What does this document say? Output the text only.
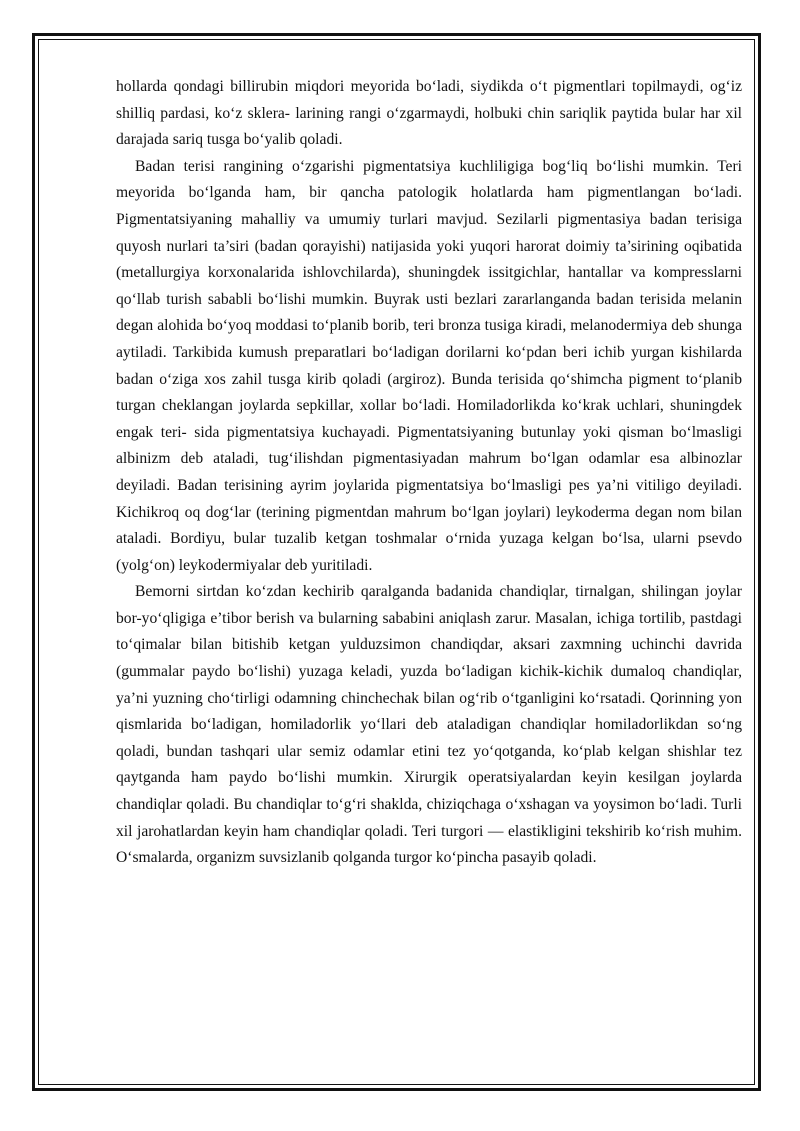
hollarda qondagi billirubin miqdori meyorida bo‘ladi, siydikda o‘t pigmentlari topilmaydi, og‘iz shilliq pardasi, ko‘z sklera- larining rangi o‘zgarmaydi, holbuki chin sariqlik paytida bular har xil darajada sariq tusga bo‘yalib qoladi.

Badan terisi rangining o‘zgarishi pigmentatsiya kuchliligiga bog‘liq bo‘lishi mumkin. Teri meyorida bo‘lganda ham, bir qancha patologik holatlarda ham pigmentlangan bo‘ladi. Pigmentatsiyaning mahalliy va umumiy turlari mavjud. Sezilarli pigmentasiya badan terisiga quyosh nurlari ta’siri (badan qorayishi) natijasida yoki yuqori harorat doimiy ta’sirining oqibatida (metallurgiya korxonalarida ishlovchilarda), shuningdek issitgichlar, hantallar va kompresslarni qo‘llab turish sababli bo‘lishi mumkin. Buyrak usti bezlari zararlanganda badan terisida melanin degan alohida bo‘yoq moddasi to‘planib borib, teri bronza tusiga kiradi, melanodermiya deb shunga aytiladi. Tarkibida kumush preparatlari bo‘ladigan dorilarni ko‘pdan beri ichib yurgan kishilarda badan o‘ziga xos zahil tusga kirib qoladi (argiroz). Bunda terisida qo‘shimcha pigment to‘planib turgan cheklangan joylarda sepkillar, xollar bo‘ladi. Homiladorlikda ko‘krak uchlari, shuningdek engak teri- sida pigmentatsiya kuchayadi. Pigmentatsiyaning butunlay yoki qisman bo‘lmasligi albinizm deb ataladi, tug‘ilishdan pigmentasiyadan mahrum bo‘lgan odamlar esa albinozlar deyiladi. Badan terisining ayrim joylarida pigmentatsiya bo‘lmasligi pes ya’ni vitiligo deyiladi. Kichikroq oq dog‘lar (terining pigmentdan mahrum bo‘lgan joylari) leykoderma degan nom bilan ataladi. Bordiyu, bular tuzalib ketgan toshmalar o‘rnida yuzaga kelgan bo‘lsa, ularni psevdo (yolg‘on) leykodermiyalar deb yuritiladi.

Bemorni sirtdan ko‘zdan kechirib qaralganda badanida chandiqlar, tirnalgan, shilingan joylar bor-yo‘qligiga e’tibor berish va bularning sababini aniqlash zarur. Masalan, ichiga tortilib, pastdagi to‘qimalar bilan bitishib ketgan yulduzsimon chandiqdar, aksari zaxmning uchinchi davrida (gummalar paydo bo‘lishi) yuzaga keladi, yuzda bo‘ladigan kichik-kichik dumaloq chandiqlar, ya’ni yuzning cho‘tirligi odamning chinchechak bilan og‘rib o‘tganligini ko‘rsatadi. Qorinning yon qismlarida bo‘ladigan, homiladorlik yo‘llari deb ataladigan chandiqlar homiladorlikdan so‘ng qoladi, bundan tashqari ular semiz odamlar etini tez yo‘qotganda, ko‘plab kelgan shishlar tez qaytganda ham paydo bo‘lishi mumkin. Xirurgik operatsiyalardan keyin kesilgan joylarda chandiqlar qoladi. Bu chandiqlar to‘g‘ri shaklda, chiziqchaga o‘xshagan va yoysimon bo‘ladi. Turli xil jarohatlardan keyin ham chandiqlar qoladi. Teri turgori — elastikligini tekshirib ko‘rish muhim. O‘smalarda, organizm suvsizlanib qolganda turgor ko‘pincha pasayib qoladi.
